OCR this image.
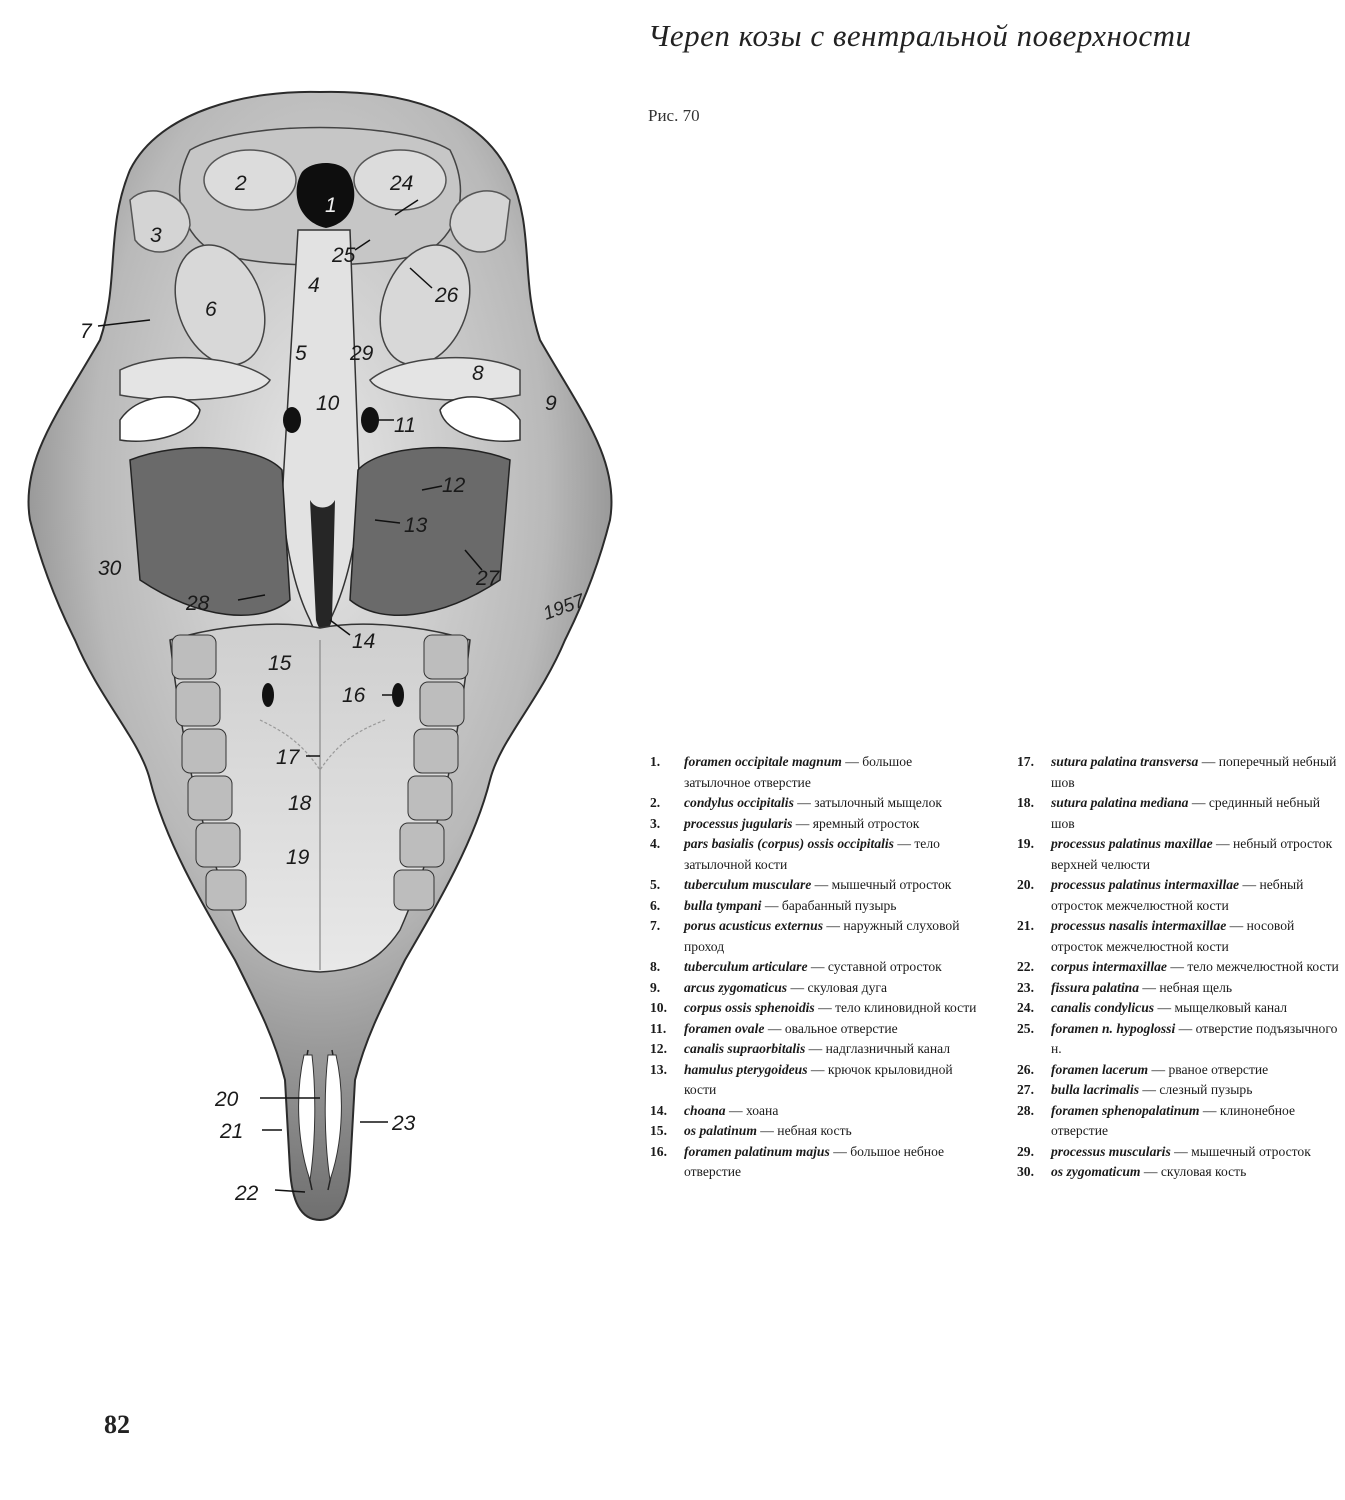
Череп козы с вентральной поверхности
Рис. 70
1
2
3
4
5
6
7
8
9
10
11
12
13
14
15
16
17
18
19
20
21
22
23
24
25
26
27
28
29
30
1957
1.	foramen occipitale magnum — большое затылочное отверстие
2.	condylus occipitalis — затылочный мыщелок
3.	processus jugularis — яремный отросток
4.	pars basialis (corpus) ossis occipitalis — тело затылочной кости
5.	tuberculum musculare — мышечный отросток
6.	bulla tympani — барабанный пузырь
7.	porus acusticus externus — наружный слуховой проход
8.	tuberculum articulare — суставной отросток
9.	arcus zygomaticus — скуловая дуга
10.	corpus ossis sphenoidis — тело клиновидной кости
11.	foramen ovale — овальное отверстие
12.	canalis supraorbitalis — надглазничный канал
13.	hamulus pterygoideus — крючок крыловидной кости
14.	choana — хоана
15.	os palatinum — небная кость
16.	foramen palatinum majus — большое небное отверстие
17.	sutura palatina transversa — поперечный небный шов
18.	sutura palatina mediana — срединный небный шов
19.	processus palatinus maxillae — небный отросток верхней челюсти
20.	processus palatinus intermaxillae — небный отросток межчелюстной кости
21.	processus nasalis intermaxillae — носовой отросток межчелюстной кости
22.	corpus intermaxillae — тело межчелюстной кости
23.	fissura palatina — небная щель
24.	canalis condylicus — мыщелковый канал
25.	foramen n. hypoglossi — отверстие подъязычного н.
26.	foramen lacerum — рваное отверстие
27.	bulla lacrimalis — слезный пузырь
28.	foramen sphenopalatinum — клинонебное отверстие
29.	processus muscularis — мышечный отросток
30.	os zygomaticum — скуловая кость
82
